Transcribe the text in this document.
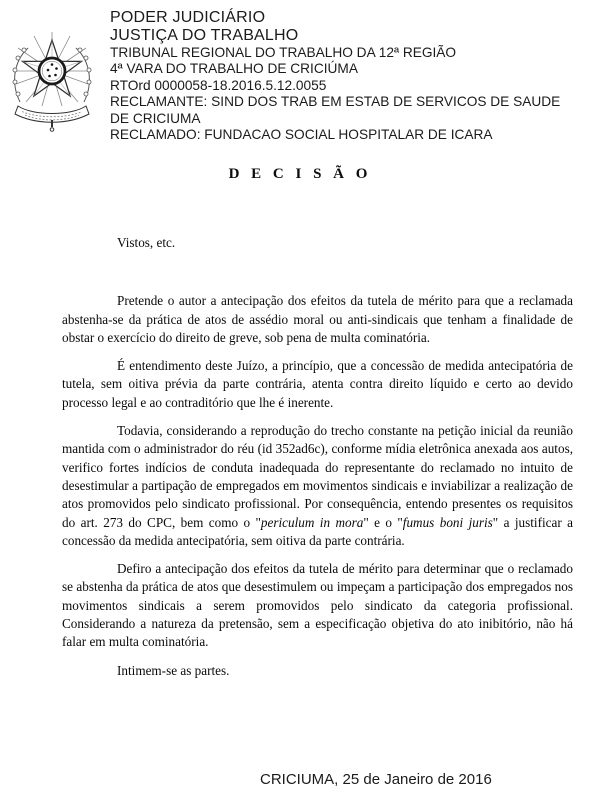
PODER JUDICIÁRIO
JUSTIÇA DO TRABALHO
TRIBUNAL REGIONAL DO TRABALHO DA 12ª REGIÃO
4ª VARA DO TRABALHO DE CRICIÚMA
RTOrd 0000058-18.2016.5.12.0055
RECLAMANTE: SIND DOS TRAB EM ESTAB DE SERVICOS DE SAUDE
DE CRICIUMA
RECLAMADO: FUNDACAO SOCIAL HOSPITALAR DE ICARA
D E C I S Ã O

Vistos, etc.

Pretende o autor a antecipação dos efeitos da tutela de mérito para que a reclamada abstenha-se da prática de atos de assédio moral ou anti-sindicais que tenham a finalidade de obstar o exercício do direito de greve, sob pena de multa cominatória.

É entendimento deste Juízo, a princípio, que a concessão de medida antecipatória de tutela, sem oitiva prévia da parte contrária, atenta contra direito líquido e certo ao devido processo legal e ao contraditório que lhe é inerente.

Todavia, considerando a reprodução do trecho constante na petição inicial da reunião mantida com o administrador do réu (id 352ad6c), conforme mídia eletrônica anexada aos autos, verifico fortes indícios de conduta inadequada do representante do reclamado no intuito de desestimular a partipação de empregados em movimentos sindicais e inviabilizar a realização de atos promovidos pelo sindicato profissional. Por consequência, entendo presentes os requisitos do art. 273 do CPC, bem como o "periculum in mora" e o "fumus boni juris" a justificar a concessão da medida antecipatória, sem oitiva da parte contrária.

Defiro a antecipação dos efeitos da tutela de mérito para determinar que o reclamado se abstenha da prática de atos que desestimulem ou impeçam a participação dos empregados nos movimentos sindicais a serem promovidos pelo sindicato da categoria profissional. Considerando a natureza da pretensão, sem a especificação objetiva do ato inibitório, não há falar em multa cominatória.

Intimem-se as partes.

CRICIUMA, 25 de Janeiro de 2016
